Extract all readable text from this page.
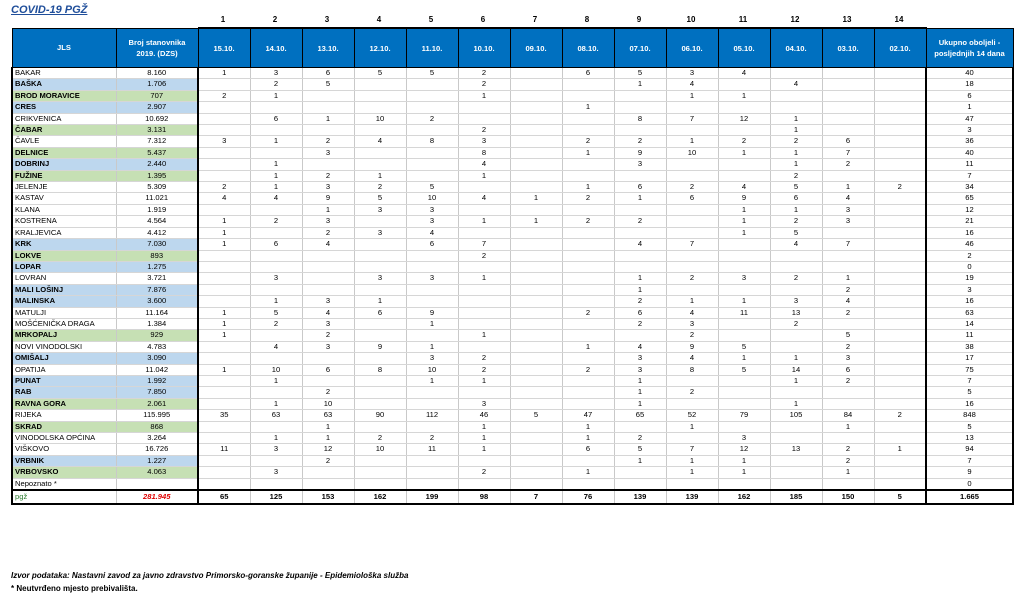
COVID-19 PGŽ
1	2	3	4	5	6	7	8	9	10	11	12	13	14
JLS	Broj stanovnika 2019. (DZS)	15.10.	14.10.	13.10.	12.10.	11.10.	10.10.	09.10.	08.10.	07.10.	06.10.	05.10.	04.10.	03.10.	02.10.	Ukupno oboljeli - posljednjih 14 dana
BAKAR	8.160	1	3	6	5	5	2		6	5	3	4				40
BAŠKA	1.706		2	5			2			1	4		4			18
BROD MORAVICE	707	2	1				1				1	1				6
CRES	2.907								1							1
CRIKVENICA	10.692		6	1	10	2				8	7	12	1			47
ČABAR	3.131						2						1			3
ČAVLE	7.312	3	1	2	4	8	3		2	2	1	2	2	6		36
DELNICE	5.437			3			8		1	9	10	1	1	7		40
DOBRINJ	2.440		1				4			3			1	2		11
FUŽINE	1.395		1	2	1		1						2			7
JELENJE	5.309	2	1	3	2	5			1	6	2	4	5	1	2	34
KASTAV	11.021	4	4	9	5	10	4	1	2	1	6	9	6	4		65
KLANA	1.919			1	3	3						1	1	3		12
KOSTRENA	4.564	1	2	3		3	1	1	2	2		1	2	3		21
KRALJEVICA	4.412	1		2	3	4						1	5			16
KRK	7.030	1	6	4		6	7			4	7		4	7		46
LOKVE	893						2									2
LOPAR	1.275															0
LOVRAN	3.721		3		3	3	1			1	2	3	2	1		19
MALI LOŠINJ	7.876									1				2		3
MALINSKA	3.600		1	3	1					2	1	1	3	4		16
MATULJI	11.164	1	5	4	6	9			2	6	4	11	13	2		63
MOŠĆENIČKA DRAGA	1.384	1	2	3		1				2	3		2			14
MRKOPALJ	929	1		2			1				2			5		11
NOVI VINODOLSKI	4.783		4	3	9	1			1	4	9	5		2		38
OMIŠALJ	3.090					3	2			3	4	1	1	3		17
OPATIJA	11.042	1	10	6	8	10	2		2	3	8	5	14	6		75
PUNAT	1.992		1			1	1			1			1	2		7
RAB	7.850			2						1	2					5
RAVNA GORA	2.061		1	10			3			1			1			16
RIJEKA	115.995	35	63	63	90	112	46	5	47	65	52	79	105	84	2	848
SKRAD	868			1			1		1		1			1		5
VINODOLSKA OPĆINA	3.264		1	1	2	2	1		1	2		3				13
VIŠKOVO	16.726	11	3	12	10	11	1		6	5	7	12	13	2	1	94
VRBNIK	1.227			2						1	1	1		2		7
VRBOVSKO	4.063		3				2		1		1	1		1		9
Nepoznato *																0
pgž	281.945	65	125	153	162	199	98	7	76	139	139	162	185	150	5	1.665
Izvor podataka: Nastavni zavod za javno zdravstvo Primorsko-goranske županije - Epidemiološka služba
* Neutvrđeno mjesto prebivališta.
